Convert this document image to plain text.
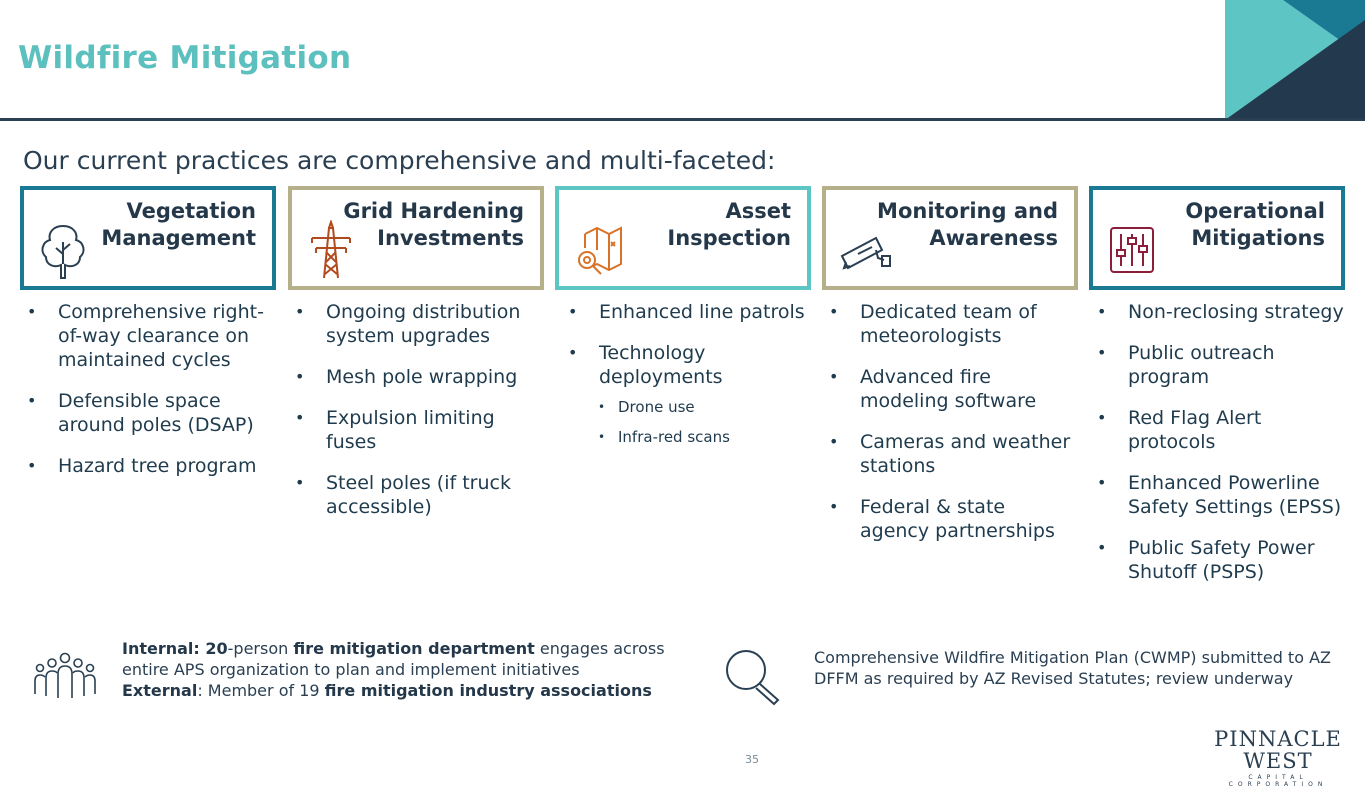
Wildfire Mitigation
Our current practices are comprehensive and multi-faceted:
Vegetation
Management
Grid Hardening
Investments
Asset
Inspection
Monitoring and
Awareness
Operational
Mitigations
• Comprehensive right-of-way clearance on maintained cycles
• Defensible space around poles (DSAP)
• Hazard tree program
• Ongoing distribution system upgrades
• Mesh pole wrapping
• Expulsion limiting fuses
• Steel poles (if truck accessible)
• Enhanced line patrols
• Technology deployments
• Drone use
• Infra-red scans
• Dedicated team of meteorologists
• Advanced fire modeling software
• Cameras and weather stations
• Federal & state agency partnerships
• Non-reclosing strategy
• Public outreach program
• Red Flag Alert protocols
• Enhanced Powerline Safety Settings (EPSS)
• Public Safety Power Shutoff (PSPS)
Internal: 20-person fire mitigation department engages across entire APS organization to plan and implement initiatives
External: Member of 19 fire mitigation industry associations
Comprehensive Wildfire Mitigation Plan (CWMP) submitted to AZ DFFM as required by AZ Revised Statutes; review underway
35
PINNACLE WEST
CAPITAL CORPORATION
